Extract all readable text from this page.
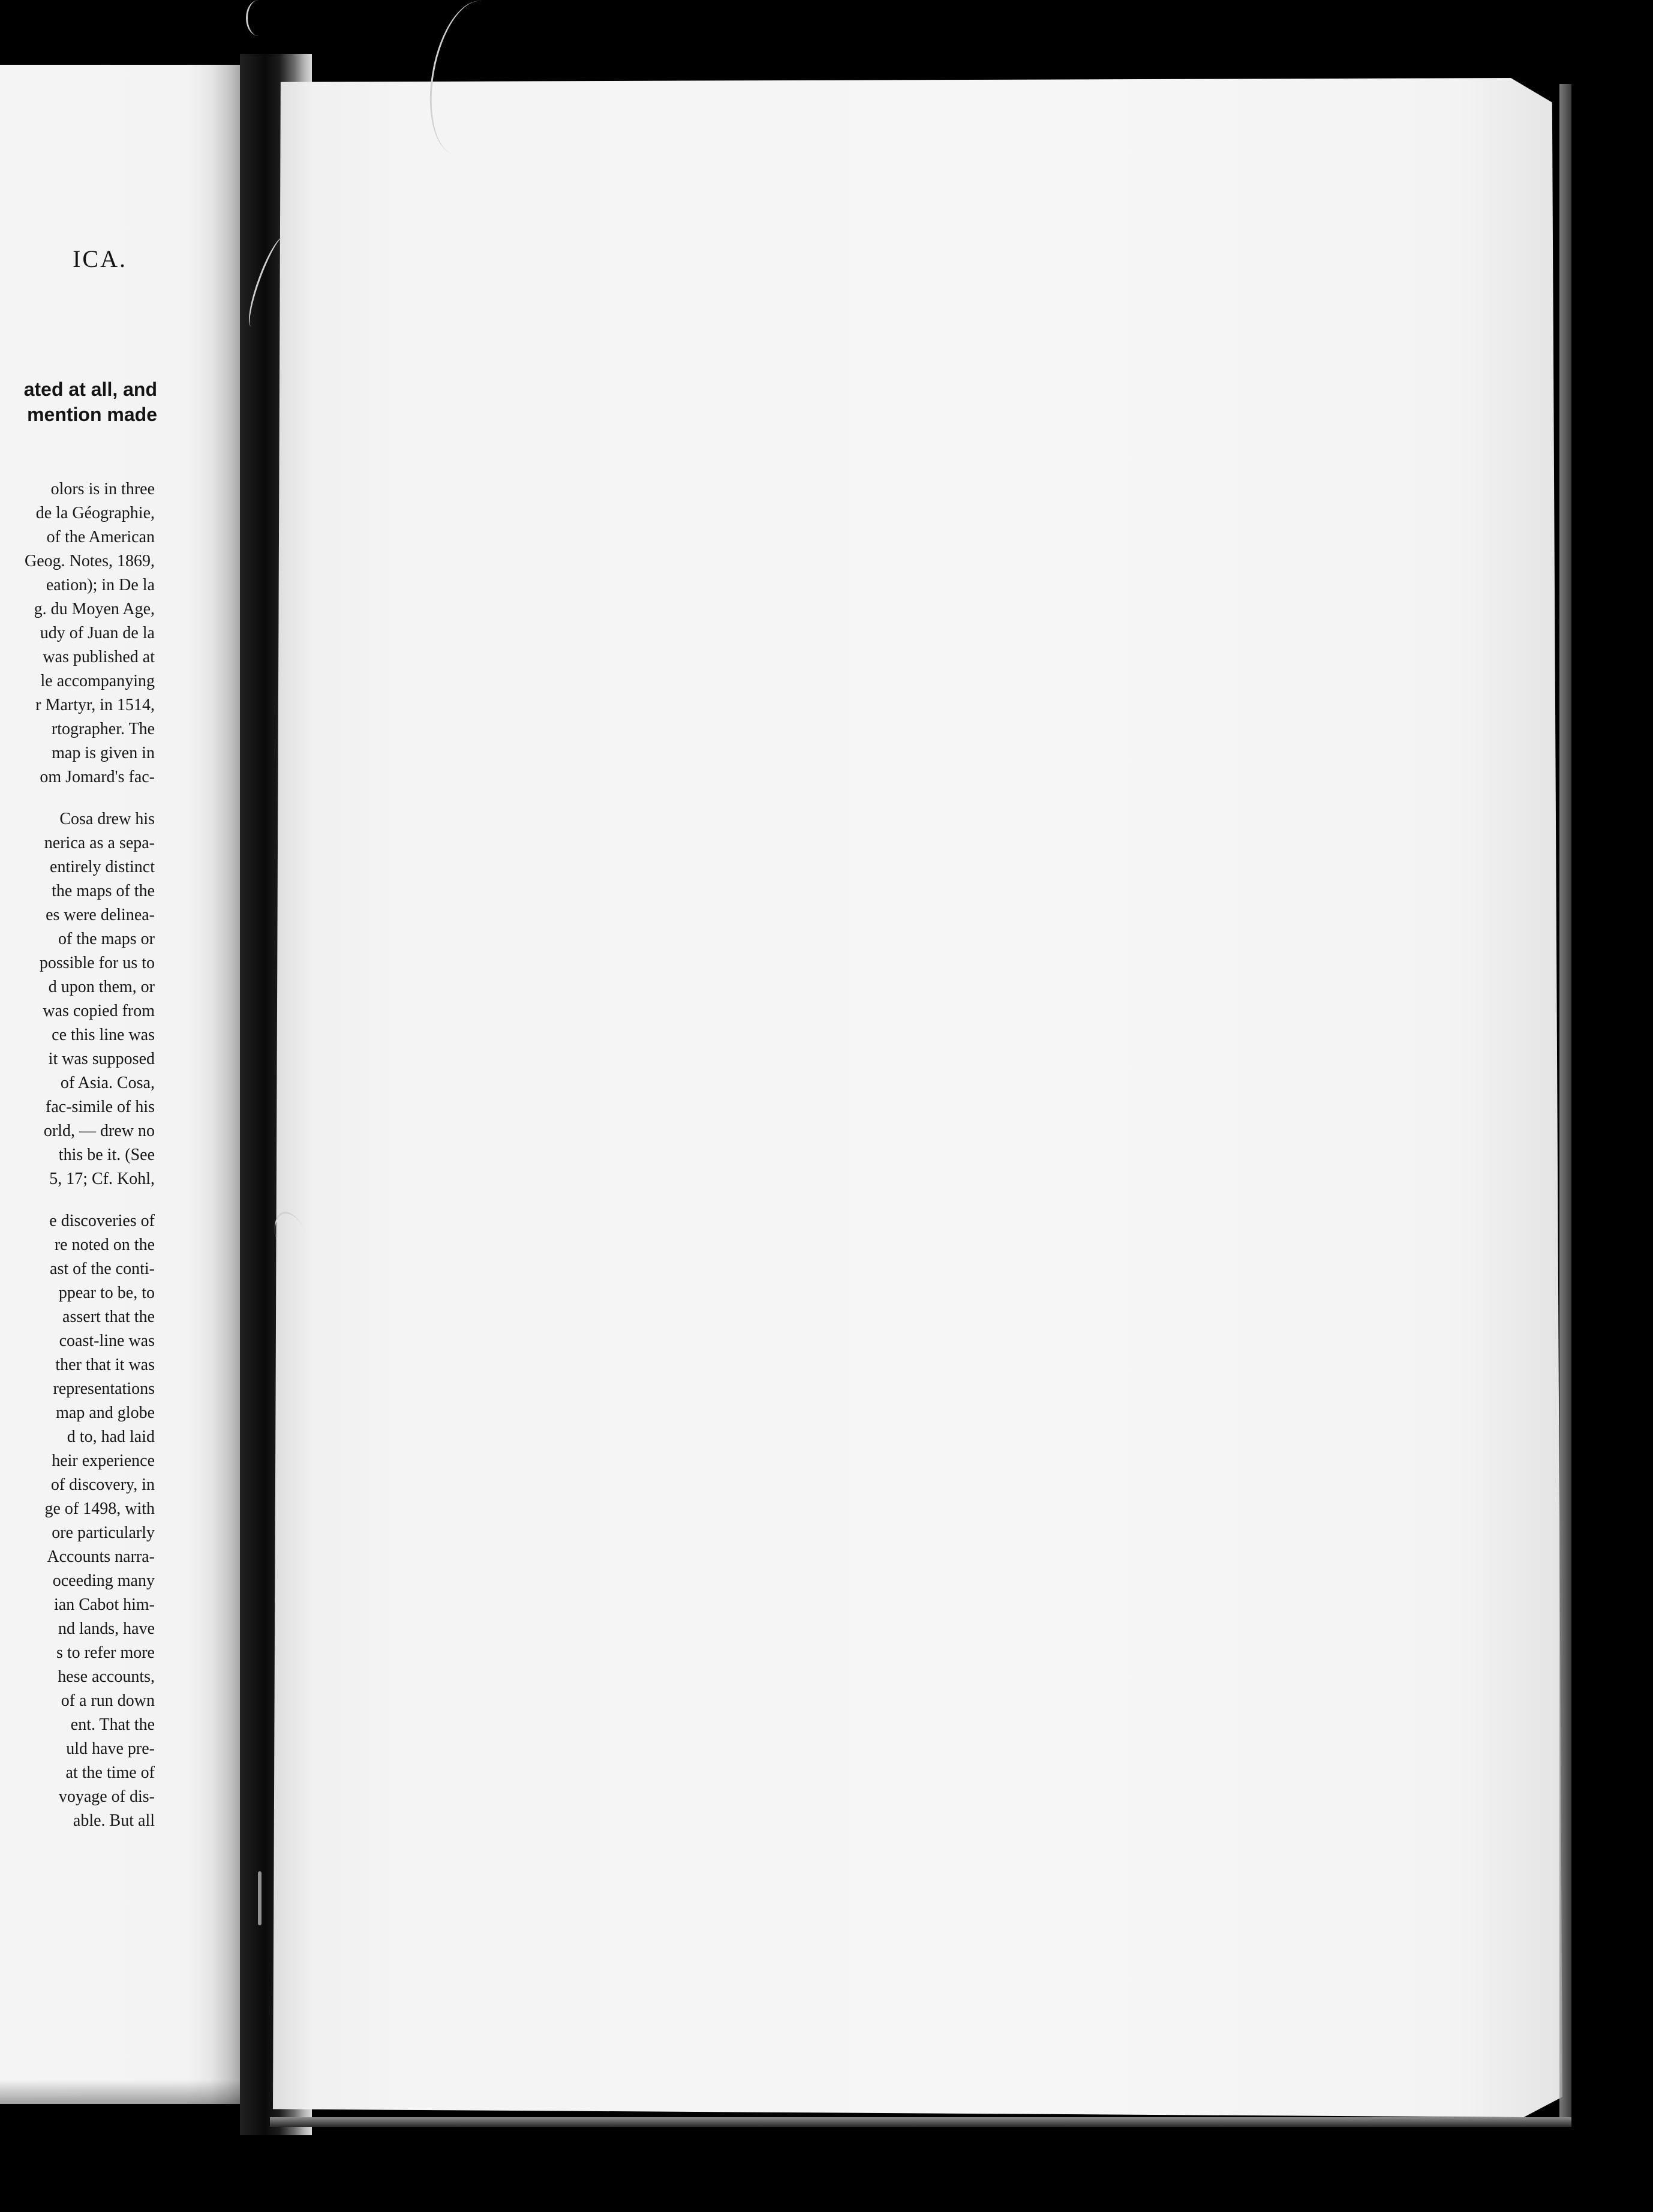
ICA.
ated at all, and
mention made
olors is in three
de la Géographie,
of the American
Geog. Notes, 1869,
eation); in De la
g. du Moyen Age,
udy of Juan de la
was published at
le accompanying
r Martyr, in 1514,
rtographer. The
map is given in
om Jomard's fac-
Cosa drew his
nerica as a sepa-
entirely distinct
the maps of the
es were delinea-
of the maps or
possible for us to
d upon them, or
was copied from
ce this line was
it was supposed
of Asia. Cosa,
fac-simile of his
orld, — drew no
this be it. (See
5, 17; Cf. Kohl,
e discoveries of
re noted on the
ast of the conti-
ppear to be, to
assert that the
coast-line was
ther that it was
representations
map and globe
d to, had laid
heir experience
of discovery, in
ge of 1498, with
ore particularly
Accounts narra-
oceeding many
ian Cabot him-
nd lands, have
s to refer more
hese accounts,
of a run down
ent. That the
uld have pre-
at the time of
voyage of dis-
able. But all
